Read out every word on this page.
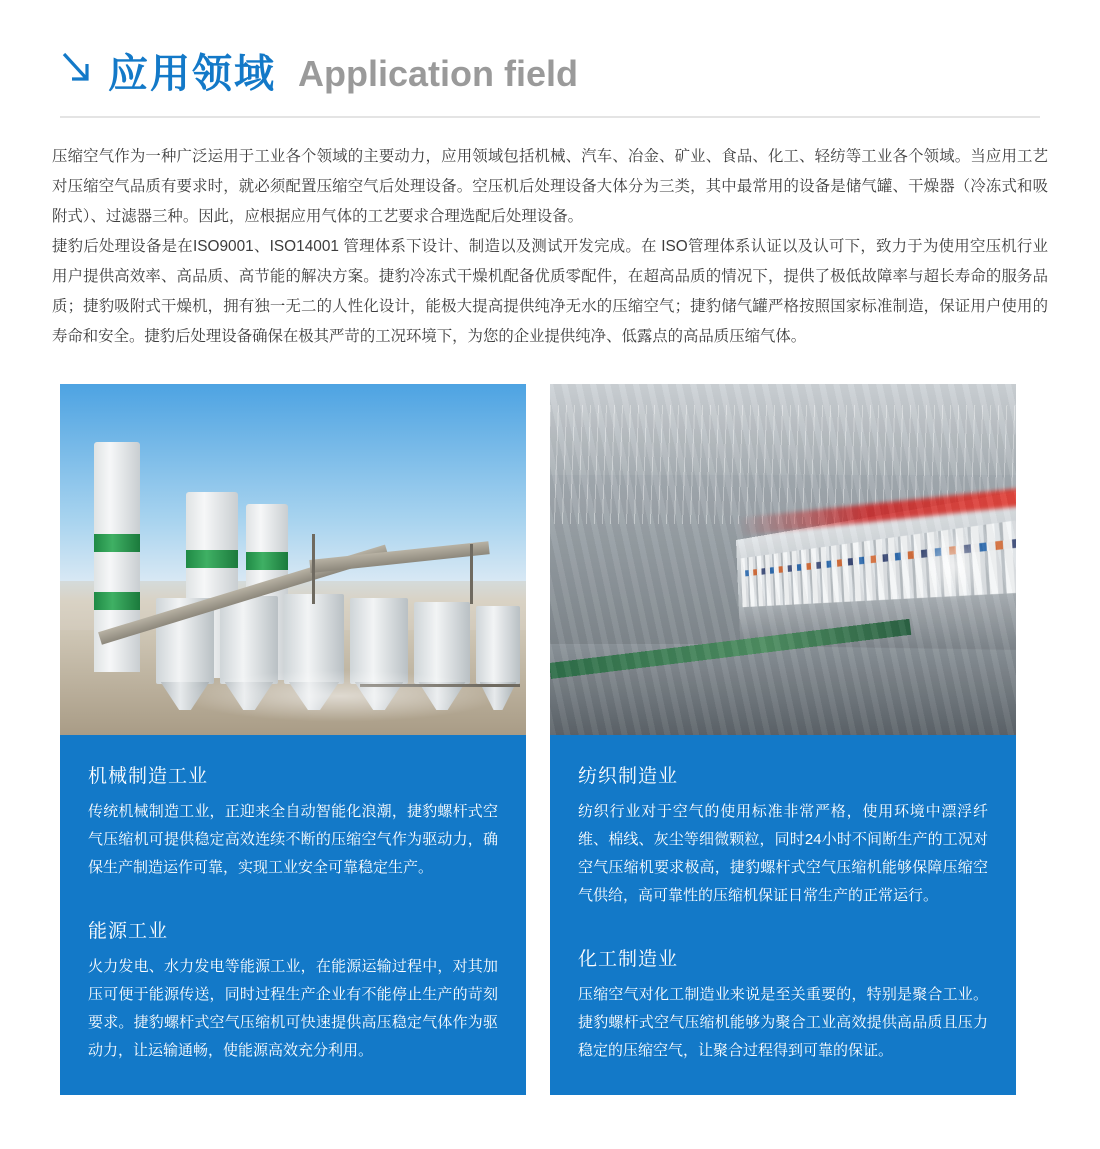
应用领域 Application field

压缩空气作为一种广泛运用于工业各个领域的主要动力，应用领域包括机械、汽车、冶金、矿业、食品、化工、轻纺等工业各个领域。当应用工艺对压缩空气品质有要求时，就必须配置压缩空气后处理设备。空压机后处理设备大体分为三类，其中最常用的设备是储气罐、干燥器（冷冻式和吸附式）、过滤器三种。因此，应根据应用气体的工艺要求合理选配后处理设备。

捷豹后处理设备是在ISO9001、ISO14001 管理体系下设计、制造以及测试开发完成。在 ISO管理体系认证以及认可下，致力于为使用空压机行业用户提供高效率、高品质、高节能的解决方案。捷豹冷冻式干燥机配备优质零配件，在超高品质的情况下，提供了极低故障率与超长寿命的服务品质；捷豹吸附式干燥机，拥有独一无二的人性化设计，能极大提高提供纯净无水的压缩空气；捷豹储气罐严格按照国家标准制造，保证用户使用的寿命和安全。捷豹后处理设备确保在极其严苛的工况环境下，为您的企业提供纯净、低露点的高品质压缩气体。

机械制造工业

传统机械制造工业，正迎来全自动智能化浪潮，捷豹螺杆式空气压缩机可提供稳定高效连续不断的压缩空气作为驱动力，确保生产制造运作可靠，实现工业安全可靠稳定生产。

能源工业

火力发电、水力发电等能源工业，在能源运输过程中，对其加压可便于能源传送，同时过程生产企业有不能停止生产的苛刻要求。捷豹螺杆式空气压缩机可快速提供高压稳定气体作为驱动力，让运输通畅，使能源高效充分利用。

纺织制造业

纺织行业对于空气的使用标准非常严格，使用环境中漂浮纤维、棉线、灰尘等细微颗粒，同时24小时不间断生产的工况对空气压缩机要求极高，捷豹螺杆式空气压缩机能够保障压缩空气供给，高可靠性的压缩机保证日常生产的正常运行。

化工制造业

压缩空气对化工制造业来说是至关重要的，特别是聚合工业。捷豹螺杆式空气压缩机能够为聚合工业高效提供高品质且压力稳定的压缩空气，让聚合过程得到可靠的保证。
